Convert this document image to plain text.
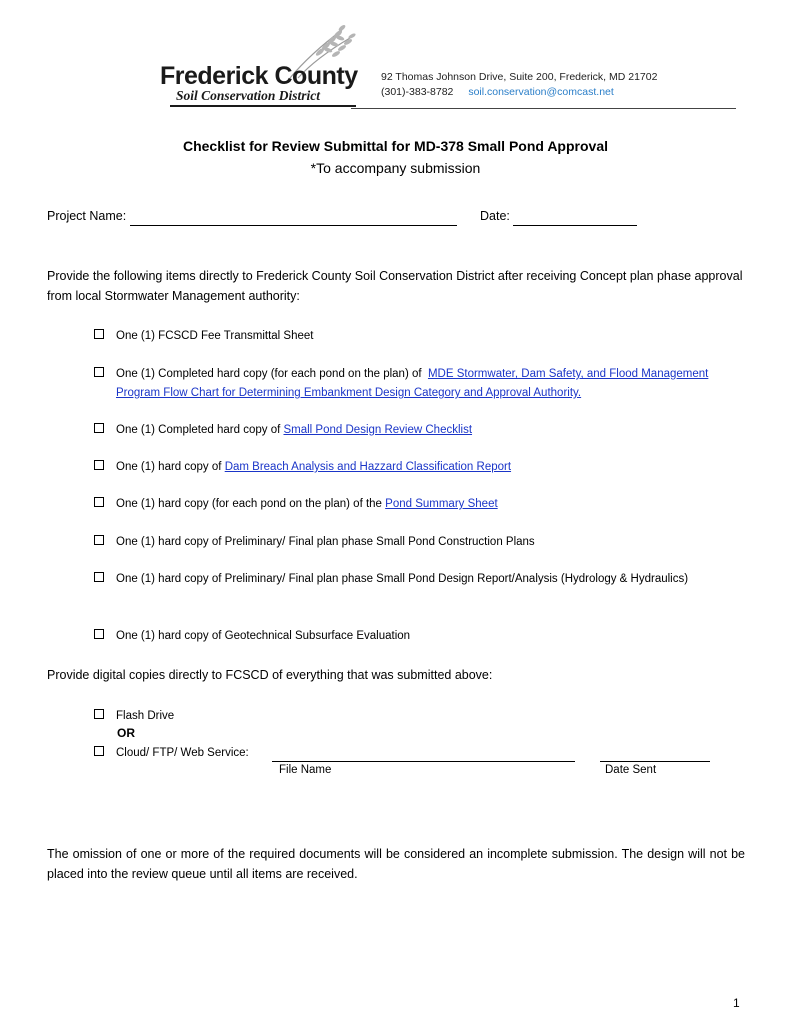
Frederick County
Soil Conservation District
92 Thomas Johnson Drive, Suite 200, Frederick, MD 21702
(301)-383-8782 soil.conservation@comcast.net
Checklist for Review Submittal for MD-378 Small Pond Approval
*To accompany submission
Project Name:	Date:
Provide the following items directly to Frederick County Soil Conservation District after receiving Concept plan phase approval from local Stormwater Management authority:
One (1) FCSCD Fee Transmittal Sheet
One (1) Completed hard copy (for each pond on the plan) of MDE Stormwater, Dam Safety, and Flood Management Program Flow Chart for Determining Embankment Design Category and Approval Authority.
One (1) Completed hard copy of Small Pond Design Review Checklist
One (1) hard copy of Dam Breach Analysis and Hazzard Classification Report
One (1) hard copy (for each pond on the plan) of the Pond Summary Sheet
One (1) hard copy of Preliminary/ Final plan phase Small Pond Construction Plans
One (1) hard copy of Preliminary/ Final plan phase Small Pond Design Report/Analysis (Hydrology & Hydraulics)
One (1) hard copy of Geotechnical Subsurface Evaluation
Provide digital copies directly to FCSCD of everything that was submitted above:
Flash Drive
OR
Cloud/ FTP/ Web Service:
File Name	Date Sent
The omission of one or more of the required documents will be considered an incomplete submission. The design will not be placed into the review queue until all items are received.
1
